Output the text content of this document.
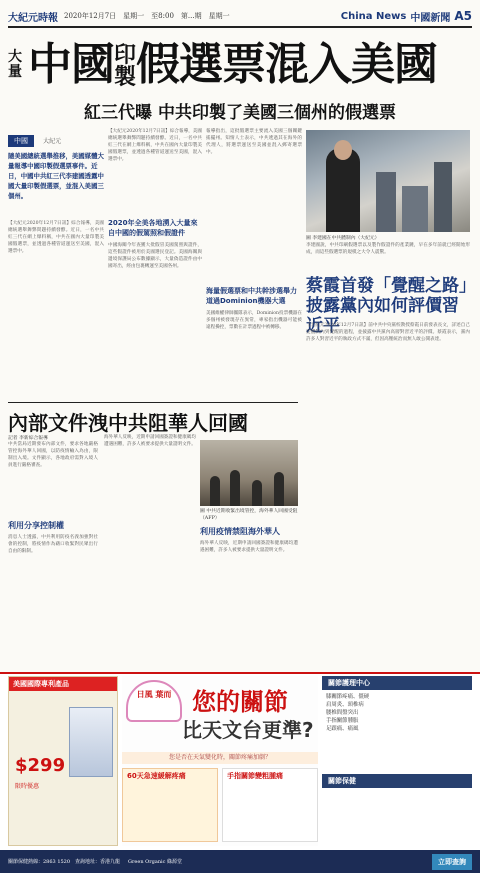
大紀元時報 2020年12月7日　星期一　至8:00　第...期　星期一	China News 中國新聞 A5
大量 中國印製假選票混入美國
紅三代曝 中共印製了美國三個州的假選票
中國	大紀元
隨美國總統選舉推移，美國媒體大量報導中國印製假選票事件。近日，中國中共紅三代李建國透露中國大量印製假選票，並混入美國三個州。
【大紀元2020年12月7日訊】綜合報導，美國總統選舉舞弊問題持續發酵。近日，一名中共紅三代在網上爆料稱，中共在國內大量印製美國假選票，並透過各種管道運送至美國，混入選票中。
【大紀元2020年12月7日訊】綜合報導，美國總統選舉舞弊問題持續發酵。近日，一名中共紅三代在網上爆料稱，中共在國內大量印製美國假選票，並透過各種管道運送至美國，混入選票中。
2020年全美各地湧入大量來自中國的假駕照和假證件
中國海關今年查獲大批假冒美國駕照與證件，這些假證件被用於美國選民登記。美國海關與邊境保護局公布數據顯示，大量偽造證件由中國寄出，經由包裹轉運至美國各州。
報導指出，這批假選票主要流入美國三個關鍵搖擺州。知情人士表示，中共透過其在海外的代理人，將選票運送至美國並混入郵寄選票中。
海量假選票和中共幹涉選舉力道過Dominion機器大選
美國維權律師團隊表示，Dominion投票機器在多個州被發現存在異常，專家指出機器可能被遠程操控，票數在計票過程中被轉移。
圖 李建國在中共體制內（大紀元）
李建國說，中共印刷假選票以及製作假證件的產業鏈，早在多年前就已經開始形成，而這些假選票的規模之大令人震驚。
蔡霞首發「覺醒之路」披露黨內如何評價習近平
【大紀元2020年12月7日訊】前中共中央黨校教授蔡霞日前發表長文，詳述自己從體制內到覺醒的過程，並披露中共黨內高層對習近平的評價。蔡霞表示，黨內許多人對習近平的執政方式不滿，但因高壓統治而無人敢公開表達。
內部文件洩中共阻華人回國
記者 李新綜合報導
中共當局近期發布內部文件，要求各地嚴格管控海外華人回國，以防疫情輸入為由，限制出入境。文件顯示，各地政府需對入境人員進行嚴格審查。
利用分享控制權
消息人士透露，中共利用防疫名義加強對社會的控制，將疫情作為藉口收緊對民眾出行自由的限制。
海外華人反映，近期申請回國簽證和健康碼均遭遇困難，許多人被要求提供大量證明文件。
圖 中共近期收緊出境管控，海外華人回國受阻（AFP）
利用疫情禁阻海外華人
海外華人反映，近期申請回國簽證和健康碼均遭遇困難，許多人被要求提供大量證明文件。
美國國際專利產品
$299
限時優惠
日風 葉而 您的關節
比天文台更準?
您是否在天氣變化時，關節疼痛加劇？
60天急速緩解疼痛	手指關節變粗腫痛
關節護理中心
膝關節疼痛、僵硬
肩周炎、頸椎病
腰椎間盤突出
手指關節腫脹
足跟痛、痛風
關節保健
關節保健熱線：2863 1520　查詢地址：香港九龍 Green Organic 綠源堂	立即查詢
